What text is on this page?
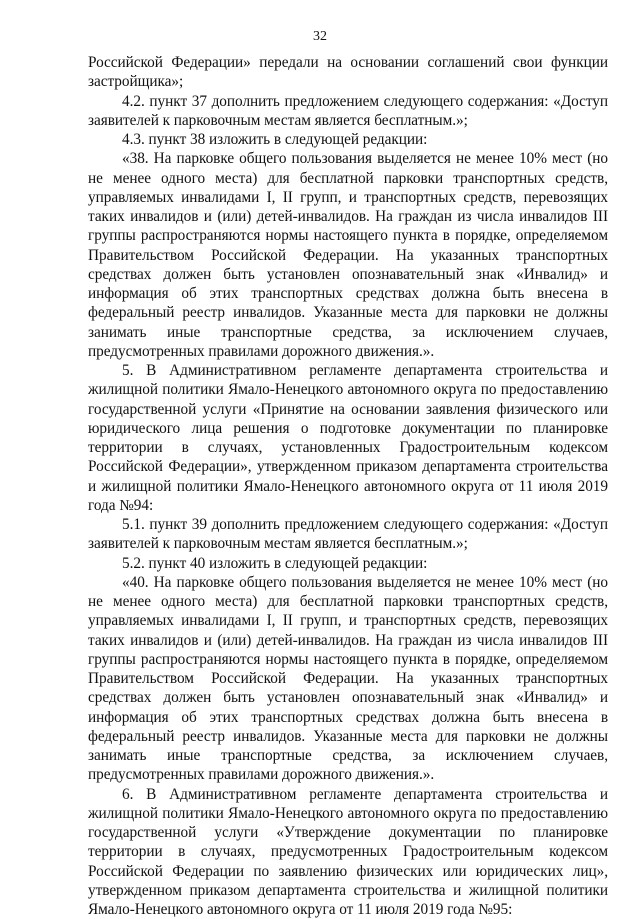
32

Российской Федерации» передали на основании соглашений свои функции застройщика»;

4.2. пункт 37 дополнить предложением следующего содержания: «Доступ заявителей к парковочным местам является бесплатным.»;

4.3. пункт 38 изложить в следующей редакции:

«38. На парковке общего пользования выделяется не менее 10% мест (но не менее одного места) для бесплатной парковки транспортных средств, управляемых инвалидами I, II групп, и транспортных средств, перевозящих таких инвалидов и (или) детей-инвалидов. На граждан из числа инвалидов III группы распространяются нормы настоящего пункта в порядке, определяемом Правительством Российской Федерации. На указанных транспортных средствах должен быть установлен опознавательный знак «Инвалид» и информация об этих транспортных средствах должна быть внесена в федеральный реестр инвалидов. Указанные места для парковки не должны занимать иные транспортные средства, за исключением случаев, предусмотренных правилами дорожного движения.».

5. В Административном регламенте департамента строительства и жилищной политики Ямало-Ненецкого автономного округа по предоставлению государственной услуги «Принятие на основании заявления физического или юридического лица решения о подготовке документации по планировке территории в случаях, установленных Градостроительным кодексом Российской Федерации», утвержденном приказом департамента строительства и жилищной политики Ямало-Ненецкого автономного округа от 11 июля 2019 года №94:

5.1. пункт 39 дополнить предложением следующего содержания: «Доступ заявителей к парковочным местам является бесплатным.»;

5.2. пункт 40 изложить в следующей редакции:

«40. На парковке общего пользования выделяется не менее 10% мест (но не менее одного места) для бесплатной парковки транспортных средств, управляемых инвалидами I, II групп, и транспортных средств, перевозящих таких инвалидов и (или) детей-инвалидов. На граждан из числа инвалидов III группы распространяются нормы настоящего пункта в порядке, определяемом Правительством Российской Федерации. На указанных транспортных средствах должен быть установлен опознавательный знак «Инвалид» и информация об этих транспортных средствах должна быть внесена в федеральный реестр инвалидов. Указанные места для парковки не должны занимать иные транспортные средства, за исключением случаев, предусмотренных правилами дорожного движения.».

6. В Административном регламенте департамента строительства и жилищной политики Ямало-Ненецкого автономного округа по предоставлению государственной услуги «Утверждение документации по планировке территории в случаях, предусмотренных Градостроительным кодексом Российской Федерации по заявлению физических или юридических лиц», утвержденном приказом департамента строительства и жилищной политики Ямало-Ненецкого автономного округа от 11 июля 2019 года №95:
